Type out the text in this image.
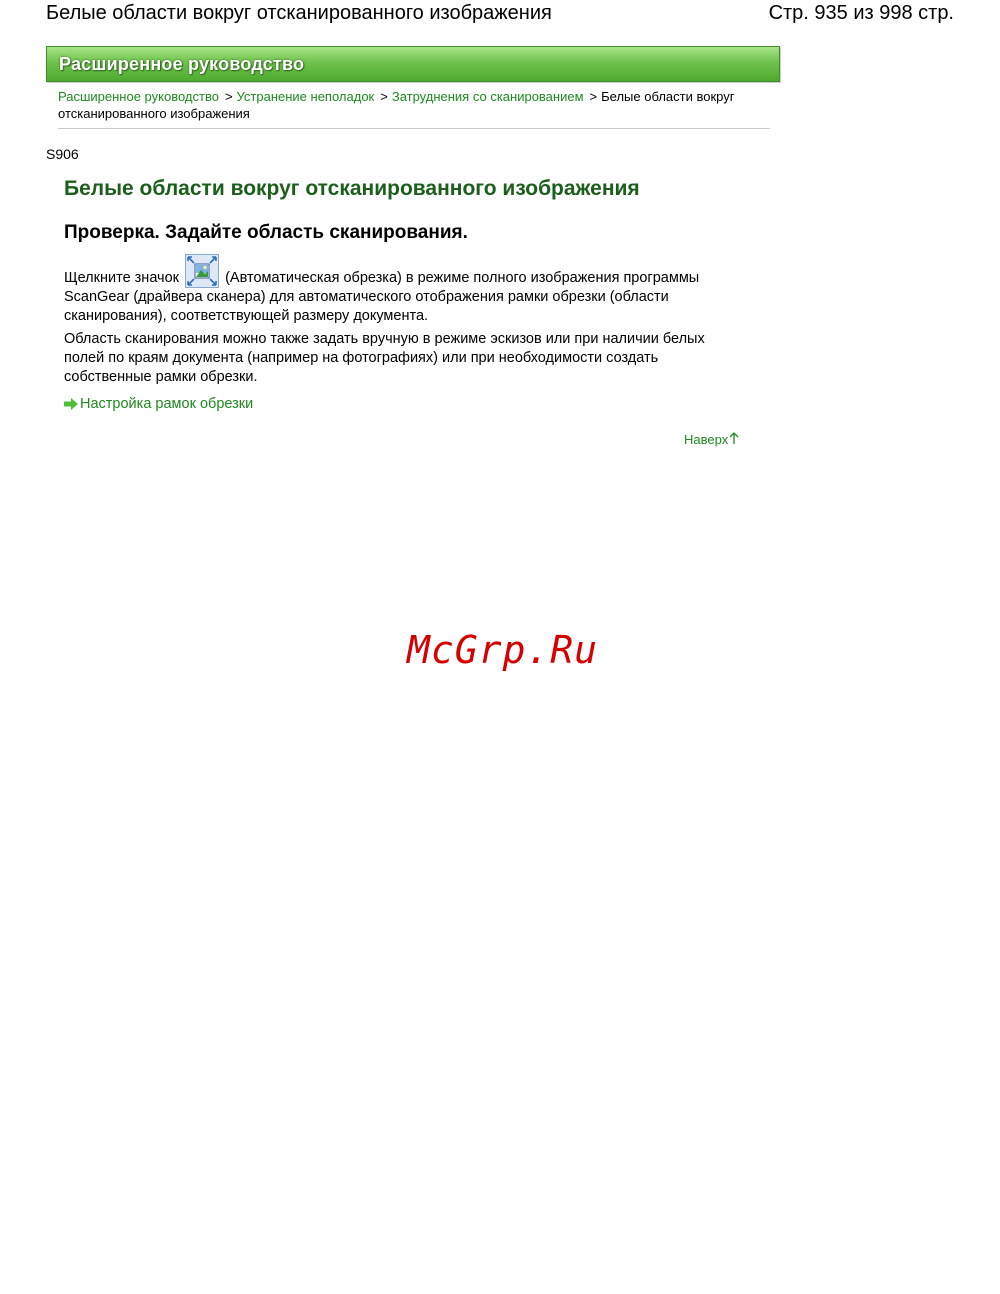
Белые области вокруг отсканированного изображения	Стр. 935 из 998 стр.
Расширенное руководство
Расширенное руководство > Устранение неполадок > Затруднения со сканированием > Белые области вокруг отсканированного изображения
S906
Белые области вокруг отсканированного изображения
Проверка. Задайте область сканирования.

Щелкните значок	(Автоматическая обрезка) в режиме полного изображения программы ScanGear (драйвера сканера) для автоматического отображения рамки обрезки (области сканирования), соответствующей размеру документа.

Область сканирования можно также задать вручную в режиме эскизов или при наличии белых полей по краям документа (например на фотографиях) или при необходимости создать собственные рамки обрезки.

Настройка рамок обрезки
Наверх
McGrp.Ru
